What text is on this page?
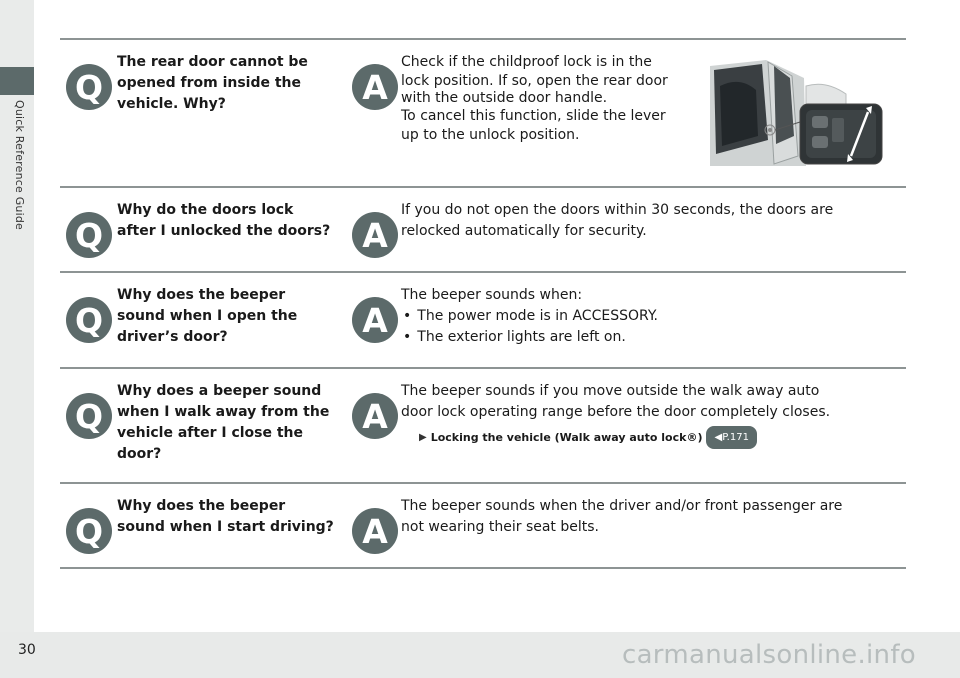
Quick Reference Guide
Q
The rear door cannot be
opened from inside the
vehicle. Why?	A
Check if the childproof lock is in the
lock position. If so, open the rear door
with the outside door handle.
To cancel this function, slide the lever
up to the unlock position.
Q
Why do the doors lock
after I unlocked the doors? A
If you do not open the doors within 30 seconds, the doors are
relocked automatically for security.
Q
Why does the beeper
sound when I open the
driver’s door?	A
The beeper sounds when:
• The power mode is in ACCESSORY.
• The exterior lights are left on.
Q
Why does a beeper sound
when I walk away from the
vehicle after I close the
door?
A
The beeper sounds if you move outside the walk away auto
door lock operating range before the door completely closes.
▶ Locking the vehicle (Walk away auto lock®)	◀P.171
Q
Why does the beeper
sound when I start driving? A
The beeper sounds when the driver and/or front passenger are
not wearing their seat belts.
30	carmanualsonline.info
